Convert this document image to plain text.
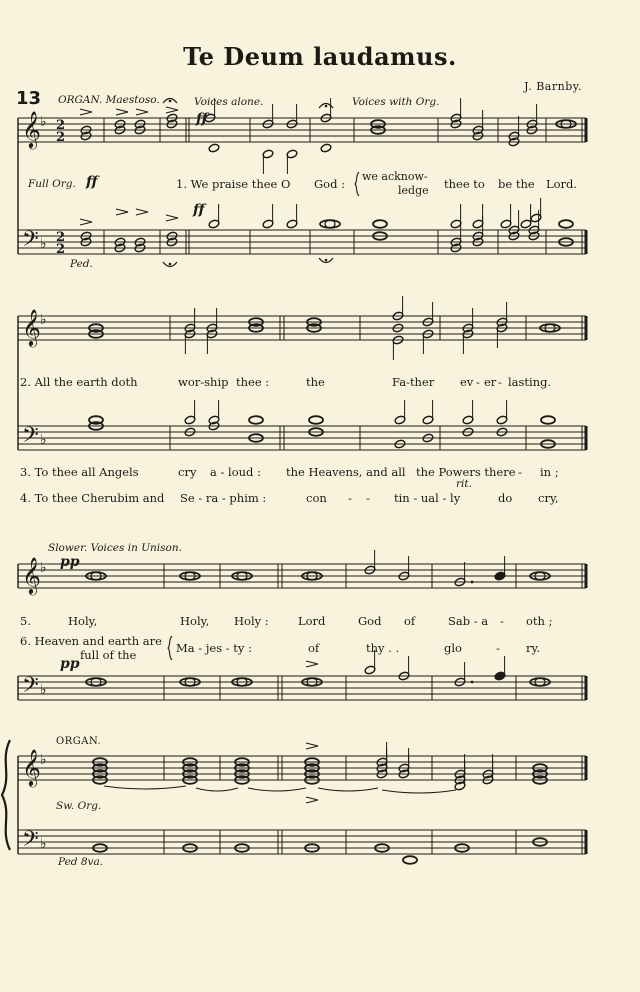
Te Deum laudamus.
J. Barnby.
13 ORGAN. Maestoso.	Voices alone.	Voices with Org.
ff
Full Org. ff
ff
Ped.
1. We praise thee O God :
we acknow-
ledge thee to be the Lord.
2. All the earth doth	wor-ship thee :	the	Fa-ther ev - er - lasting.
3. To thee all Angels	cry a - loud : the Heavens, and all the Powers there - in ;
rit.
4. To thee Cherubim and Se - ra - phim :	con - - tin - ual - ly	do cry,
Slower. Voices in Unison.
pp
pp
5.	Holy,	Holy, Holy :	Lord	God of	Sab - a - oth ;
6. Heaven and earth are
full of the	Ma - jes - ty :	of	thy . .	glo	- ry.
ORGAN.
Sw. Org.
Ped 8va.
𝄞
𝄢
♭
♭
2
2
2
2
𝄞
𝄢
♭
♭
𝄞
𝄢
♭
♭
𝄞
𝄢
♭
♭
